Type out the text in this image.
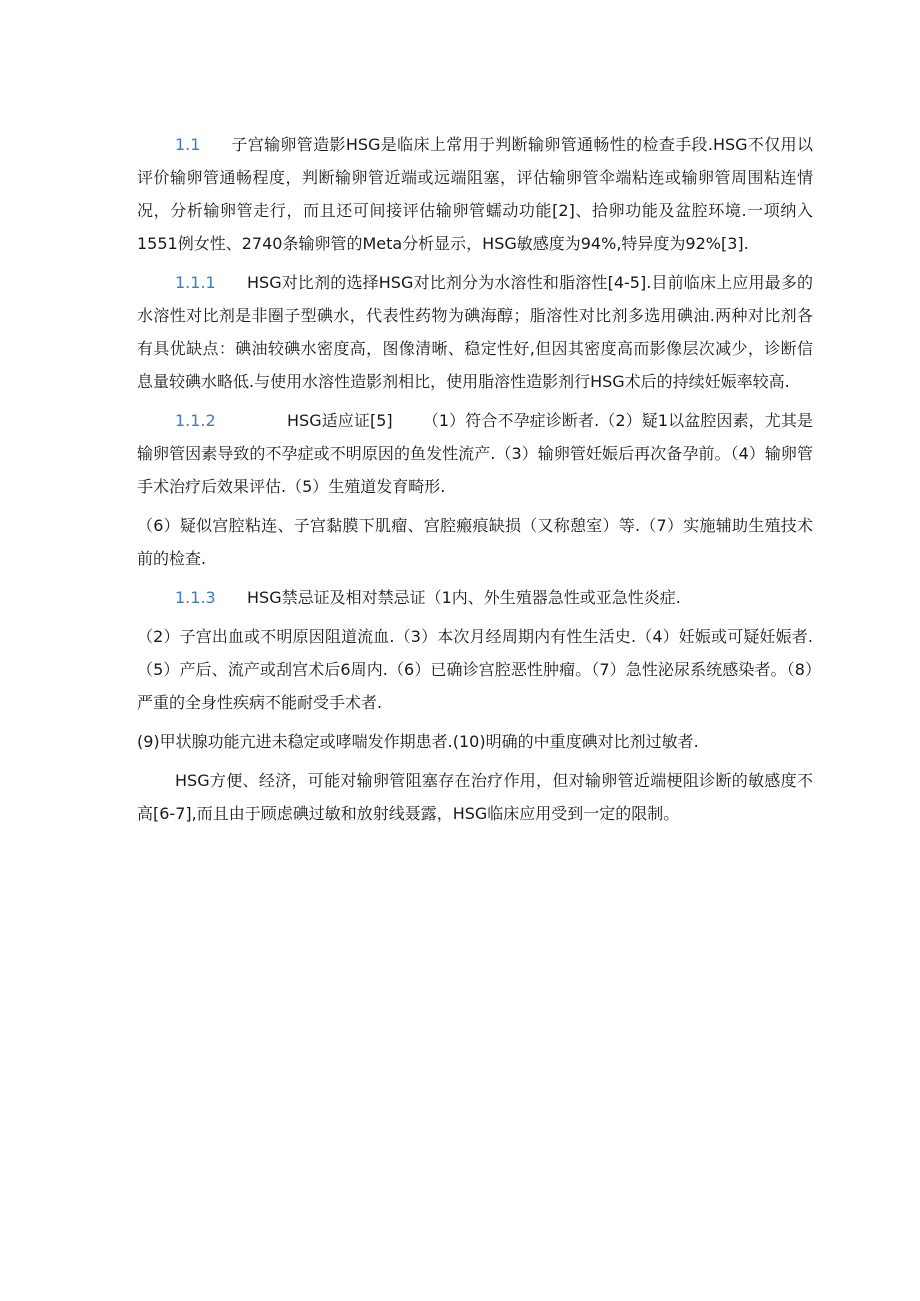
1.1 子宫输卵管造影HSG是临床上常用于判断输卵管通畅性的检查手段.HSG不仅用以评价输卵管通畅程度，判断输卵管近端或远端阻塞，评估输卵管伞端粘连或输卵管周围粘连情况，分析输卵管走行，而且还可间接评估输卵管蠕动功能[2]、拾卵功能及盆腔环境.一项纳入1551例女性、2740条输卵管的Meta分析显示，HSG敏感度为94%,特异度为92%[3].

1.1.1 HSG对比剂的选择HSG对比剂分为水溶性和脂溶性[4-5].目前临床上应用最多的水溶性对比剂是非圈子型碘水，代表性药物为碘海醇；脂溶性对比剂多选用碘油.两种对比剂各有具优缺点：碘油较碘水密度高，图像清晰、稳定性好,但因其密度高而影像层次减少，诊断信息量较碘水略低.与使用水溶性造影剂相比，使用脂溶性造影剂行HSG术后的持续妊娠率较高.

1.1.2	HSG适应证[5] （1）符合不孕症诊断者.（2）疑1以盆腔因素，尤其是输卵管因素导致的不孕症或不明原因的鱼发性流产.（3）输卵管妊娠后再次备孕前。（4）输卵管手术治疗后效果评估.（5）生殖道发育畸形.

（6）疑似宫腔粘连、子宫黏膜下肌瘤、宫腔瘢痕缺损（又称憩室）等.（7）实施辅助生殖技术前的检查.

1.1.3 HSG禁忌证及相对禁忌证（1内、外生殖器急性或亚急性炎症.

（2）子宫出血或不明原因阻道流血.（3）本次月经周期内有性生活史.（4）妊娠或可疑妊娠者.（5）产后、流产或刮宫术后6周内.（6）已确诊宫腔恶性肿瘤。（7）急性泌尿系统感染者。（8）严重的全身性疾病不能耐受手术者.

(9)甲状腺功能亢进未稳定或哮喘发作期患者.(10)明确的中重度碘对比剂过敏者.

HSG方便、经济，可能对输卵管阻塞存在治疗作用，但对输卵管近端梗阻诊断的敏感度不高[6-7],而且由于顾虑碘过敏和放射线聂露，HSG临床应用受到一定的限制。
